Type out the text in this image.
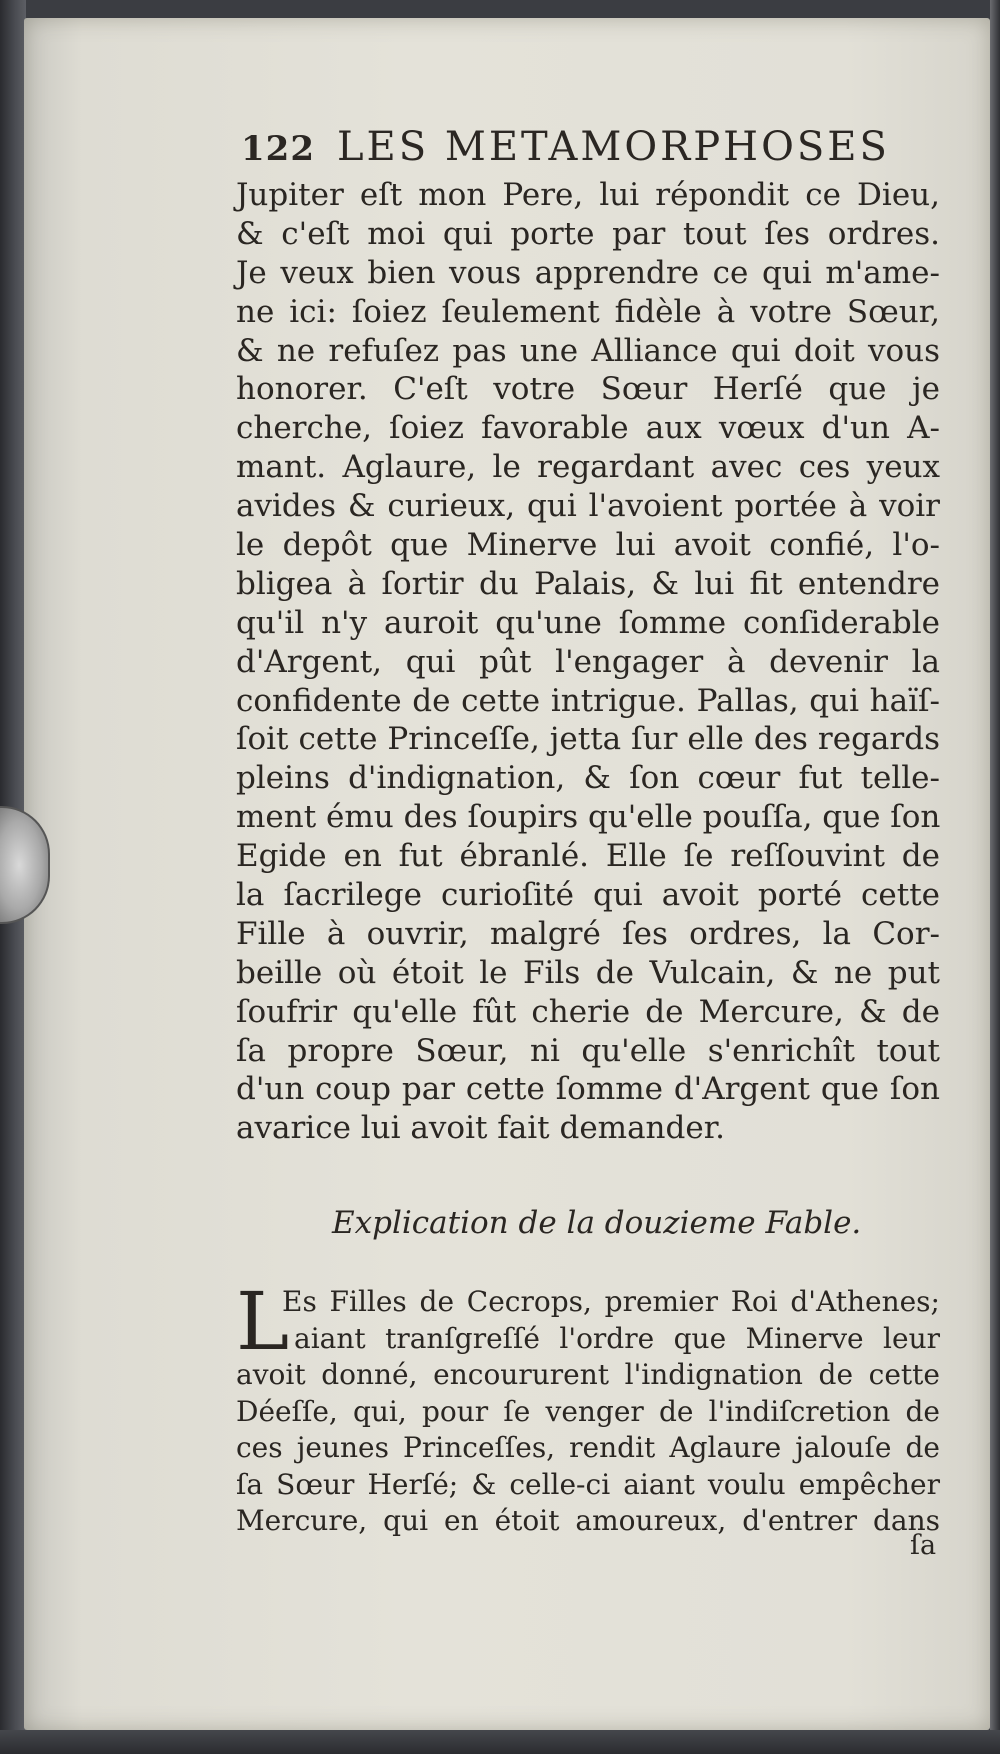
122 LES METAMORPHOSES
Jupiter eſt mon Pere, lui répondit ce Dieu,
& c'eſt moi qui porte par tout ſes ordres.
Je veux bien vous apprendre ce qui m'ame-
ne ici: ſoiez ſeulement fidèle à votre Sœur,
& ne refuſez pas une Alliance qui doit vous
honorer. C'eſt votre Sœur Herſé que je
cherche, ſoiez favorable aux vœux d'un A-
mant. Aglaure, le regardant avec ces yeux
avides & curieux, qui l'avoient portée à voir
le depôt que Minerve lui avoit confié, l'o-
bligea à ſortir du Palais, & lui fit entendre
qu'il n'y auroit qu'une ſomme conſiderable
d'Argent, qui pût l'engager à devenir la
confidente de cette intrigue. Pallas, qui haïſ-
ſoit cette Princeſſe, jetta ſur elle des regards
pleins d'indignation, & ſon cœur fut telle-
ment ému des ſoupirs qu'elle pouſſa, que ſon
Egide en fut ébranlé. Elle ſe reſſouvint de
la ſacrilege curioſité qui avoit porté cette
Fille à ouvrir, malgré ſes ordres, la Cor-
beille où étoit le Fils de Vulcain, & ne put
ſoufrir qu'elle fût cherie de Mercure, & de
ſa propre Sœur, ni qu'elle s'enrichît tout
d'un coup par cette ſomme d'Argent que ſon
avarice lui avoit fait demander.
Explication de la douzieme Fable.
L
Es Filles de Cecrops, premier Roi d'Athenes;
aiant tranſgreſſé l'ordre que Minerve leur
avoit donné, encoururent l'indignation de cette
Déeſſe, qui, pour ſe venger de l'indiſcretion de
ces jeunes Princeſſes, rendit Aglaure jalouſe de
ſa Sœur Herſé; & celle-ci aiant voulu empêcher
Mercure, qui en étoit amoureux, d'entrer dans
ſa
